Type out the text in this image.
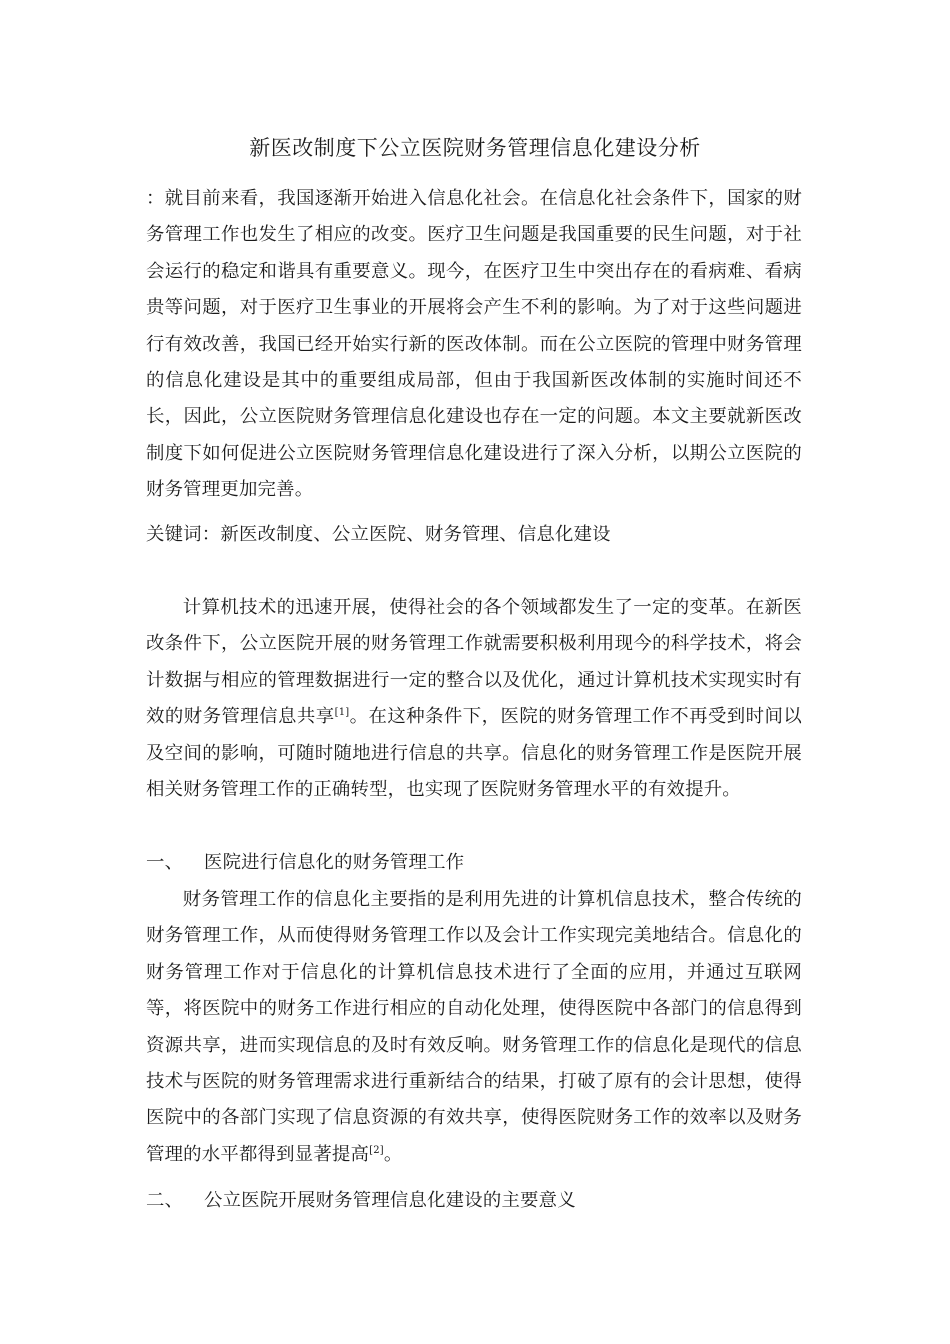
新医改制度下公立医院财务管理信息化建设分析

：就目前来看，我国逐渐开始进入信息化社会。在信息化社会条件下，国家的财务管理工作也发生了相应的改变。医疗卫生问题是我国重要的民生问题，对于社会运行的稳定和谐具有重要意义。现今，在医疗卫生中突出存在的看病难、看病贵等问题，对于医疗卫生事业的开展将会产生不利的影响。为了对于这些问题进行有效改善，我国已经开始实行新的医改体制。而在公立医院的管理中财务管理的信息化建设是其中的重要组成局部，但由于我国新医改体制的实施时间还不长，因此，公立医院财务管理信息化建设也存在一定的问题。本文主要就新医改制度下如何促进公立医院财务管理信息化建设进行了深入分析，以期公立医院的财务管理更加完善。

关键词：新医改制度、公立医院、财务管理、信息化建设

计算机技术的迅速开展，使得社会的各个领域都发生了一定的变革。在新医改条件下，公立医院开展的财务管理工作就需要积极利用现今的科学技术，将会计数据与相应的管理数据进行一定的整合以及优化，通过计算机技术实现实时有效的财务管理信息共享[1]。在这种条件下，医院的财务管理工作不再受到时间以及空间的影响，可随时随地进行信息的共享。信息化的财务管理工作是医院开展相关财务管理工作的正确转型，也实现了医院财务管理水平的有效提升。

一、 医院进行信息化的财务管理工作

财务管理工作的信息化主要指的是利用先进的计算机信息技术，整合传统的财务管理工作，从而使得财务管理工作以及会计工作实现完美地结合。信息化的财务管理工作对于信息化的计算机信息技术进行了全面的应用，并通过互联网等，将医院中的财务工作进行相应的自动化处理，使得医院中各部门的信息得到资源共享，进而实现信息的及时有效反响。财务管理工作的信息化是现代的信息技术与医院的财务管理需求进行重新结合的结果，打破了原有的会计思想，使得医院中的各部门实现了信息资源的有效共享，使得医院财务工作的效率以及财务管理的水平都得到显著提高[2]。

二、 公立医院开展财务管理信息化建设的主要意义
